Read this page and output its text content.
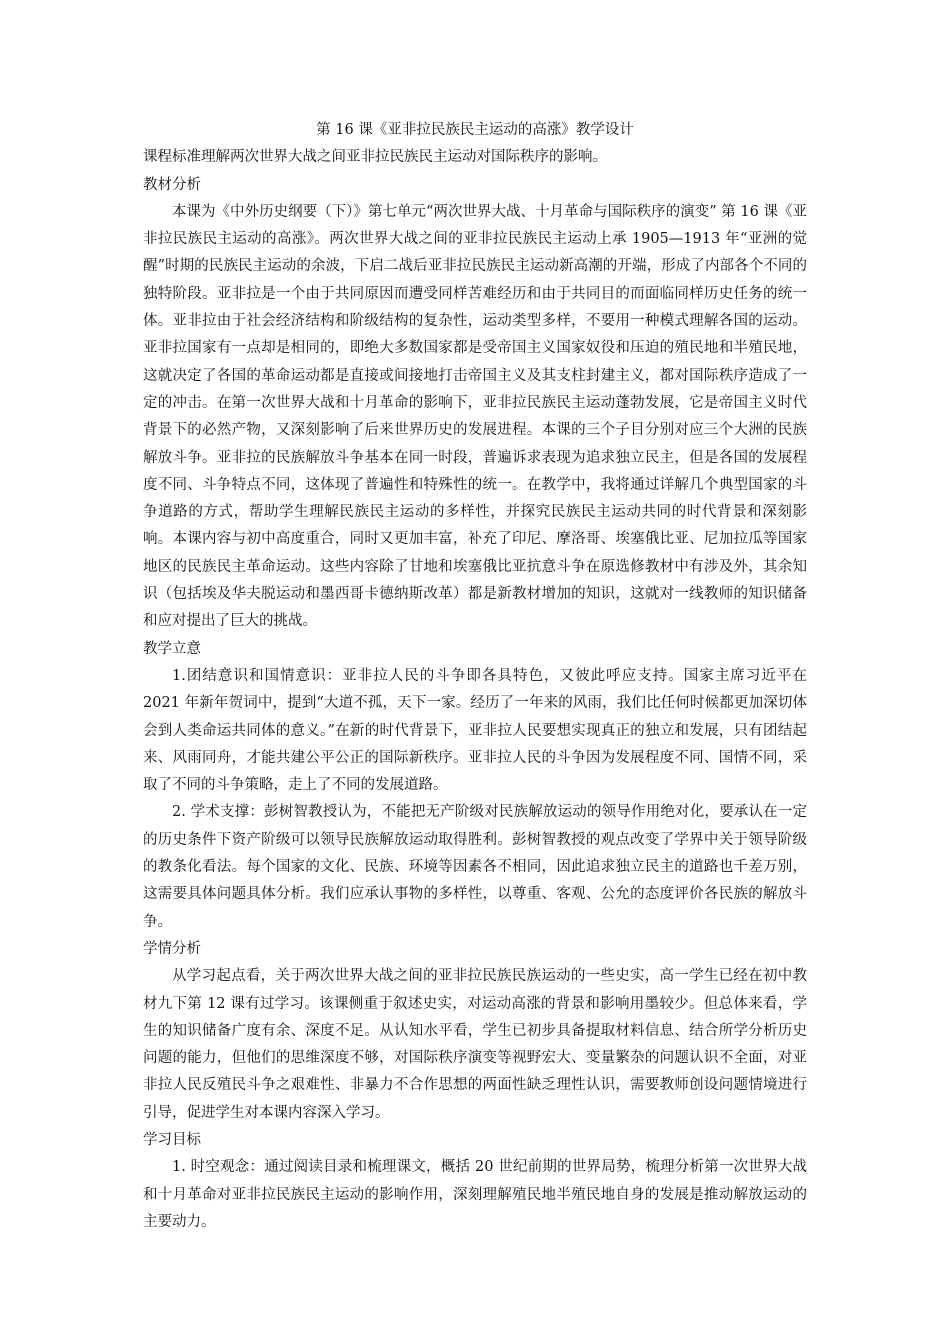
第 16 课《亚非拉民族民主运动的高涨》教学设计

课程标准理解两次世界大战之间亚非拉民族民主运动对国际秩序的影响。

教材分析

本课为《中外历史纲要（下）》第七单元“两次世界大战、十月革命与国际秩序的演变” 第 16 课《亚非拉民族民主运动的高涨》。两次世界大战之间的亚非拉民族民主运动上承 1905—1913 年“亚洲的觉醒”时期的民族民主运动的余波，下启二战后亚非拉民族民主运动新高潮的开端，形成了内部各个不同的独特阶段。亚非拉是一个由于共同原因而遭受同样苦难经历和由于共同目的而面临同样历史任务的统一体。亚非拉由于社会经济结构和阶级结构的复杂性，运动类型多样，不要用一种模式理解各国的运动。亚非拉国家有一点却是相同的，即绝大多数国家都是受帝国主义国家奴役和压迫的殖民地和半殖民地，这就决定了各国的革命运动都是直接或间接地打击帝国主义及其支柱封建主义，都对国际秩序造成了一定的冲击。在第一次世界大战和十月革命的影响下，亚非拉民族民主运动蓬勃发展，它是帝国主义时代背景下的必然产物，又深刻影响了后来世界历史的发展进程。本课的三个子目分别对应三个大洲的民族解放斗争。亚非拉的民族解放斗争基本在同一时段，普遍诉求表现为追求独立民主，但是各国的发展程度不同、斗争特点不同，这体现了普遍性和特殊性的统一。在教学中，我将通过详解几个典型国家的斗争道路的方式，帮助学生理解民族民主运动的多样性，并探究民族民主运动共同的时代背景和深刻影响。本课内容与初中高度重合，同时又更加丰富，补充了印尼、摩洛哥、埃塞俄比亚、尼加拉瓜等国家地区的民族民主革命运动。这些内容除了甘地和埃塞俄比亚抗意斗争在原选修教材中有涉及外，其余知识（包括埃及华夫脱运动和墨西哥卡德纳斯改革）都是新教材增加的知识，这就对一线教师的知识储备和应对提出了巨大的挑战。

教学立意

1.团结意识和国情意识：亚非拉人民的斗争即各具特色，又彼此呼应支持。国家主席习近平在 2021 年新年贺词中，提到“大道不孤，天下一家。经历了一年来的风雨，我们比任何时候都更加深切体会到人类命运共同体的意义。”在新的时代背景下，亚非拉人民要想实现真正的独立和发展，只有团结起来、风雨同舟，才能共建公平公正的国际新秩序。亚非拉人民的斗争因为发展程度不同、国情不同，采取了不同的斗争策略，走上了不同的发展道路。

2. 学术支撑：彭树智教授认为，不能把无产阶级对民族解放运动的领导作用绝对化，要承认在一定的历史条件下资产阶级可以领导民族解放运动取得胜利。彭树智教授的观点改变了学界中关于领导阶级的教条化看法。每个国家的文化、民族、环境等因素各不相同，因此追求独立民主的道路也千差万别，这需要具体问题具体分析。我们应承认事物的多样性，以尊重、客观、公允的态度评价各民族的解放斗争。

学情分析

从学习起点看，关于两次世界大战之间的亚非拉民族民族运动的一些史实，高一学生已经在初中教材九下第 12 课有过学习。该课侧重于叙述史实，对运动高涨的背景和影响用墨较少。但总体来看，学生的知识储备广度有余、深度不足。从认知水平看，学生已初步具备提取材料信息、结合所学分析历史问题的能力，但他们的思维深度不够，对国际秩序演变等视野宏大、变量繁杂的问题认识不全面，对亚非拉人民反殖民斗争之艰难性、非暴力不合作思想的两面性缺乏理性认识，需要教师创设问题情境进行引导，促进学生对本课内容深入学习。

学习目标

1. 时空观念：通过阅读目录和梳理课文，概括 20 世纪前期的世界局势，梳理分析第一次世界大战和十月革命对亚非拉民族民主运动的影响作用，深刻理解殖民地半殖民地自身的发展是推动解放运动的主要动力。
